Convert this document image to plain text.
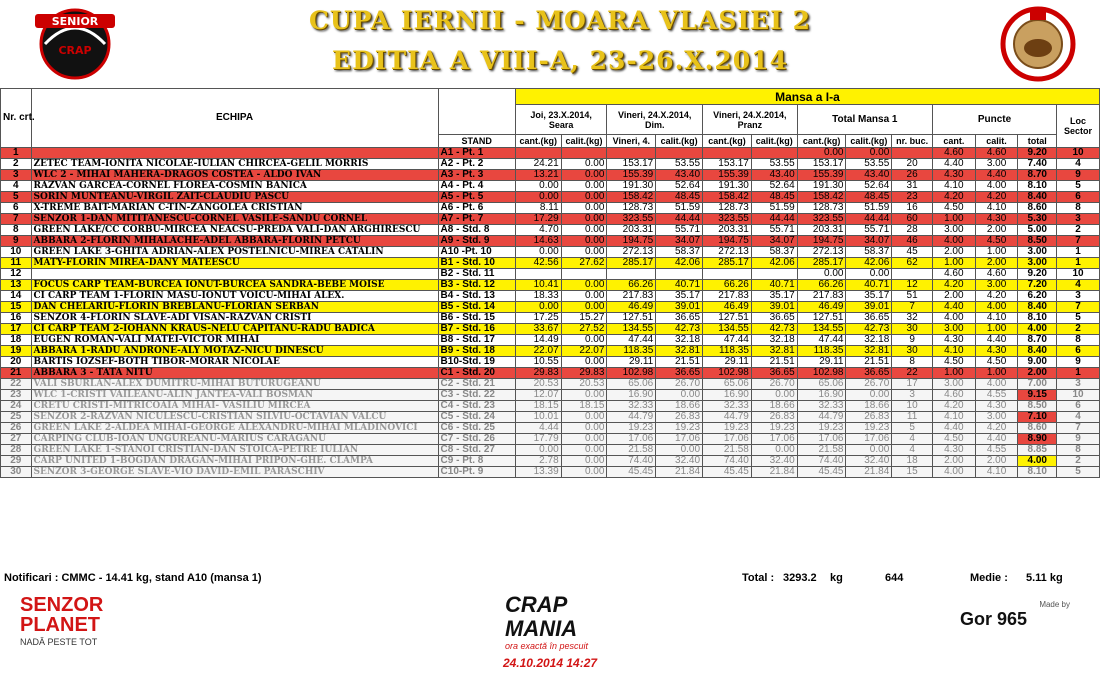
SENIOR
CRAP
CUPA IERNII - MOARA VLASIEI 2
EDITIA A VIII-A, 23-26.X.2014
Nr. crt.	ECHIPA		Mansa a I-a												
			Joi, 23.X.2014, Seara		Vineri, 24.X.2014, Dim.		Vineri, 24.X.2014, Pranz		Total Mansa 1			Puncte			Loc Sector
		STAND	cant.(kg)	calit.(kg)	Vineri, 4.	calit.(kg)	cant.(kg)	calit.(kg)	cant.(kg)	calit.(kg)	nr. buc.	cant.	calit.	total	
1		A1 - Pt. 1							0.00	0.00		4.60	4.60	9.20	10
2	ZETEC TEAM-IONITA NICOLAE-IULIAN CHIRCEA-GELIL MORRIS	A2 - Pt. 2	24.21	0.00	153.17	53.55	153.17	53.55	153.17	53.55	20	4.40	3.00	7.40	4
3	WLC 2 - MIHAI MAHERA-DRAGOS COSTEA - ALDO IVAN	A3 - Pt. 3	13.21	0.00	155.39	43.40	155.39	43.40	155.39	43.40	26	4.30	4.40	8.70	9
4	RAZVAN GARCEA-CORNEL FLOREA-COSMIN BANICA	A4 - Pt. 4	0.00	0.00	191.30	52.64	191.30	52.64	191.30	52.64	31	4.10	4.00	8.10	5
5	SORIN MUNTEANU-VIRGIL ZAIT-CLAUDIU PASCU	A5 - Pt. 5	0.00	0.00	158.42	48.45	158.42	48.45	158.42	48.45	23	4.20	4.20	8.40	6
6	X-TREME BAIT-MARIAN C-TIN-ZANGOLEA CRISTIAN	A6 - Pt. 6	8.11	0.00	128.73	51.59	128.73	51.59	128.73	51.59	16	4.50	4.10	8.60	8
7	SENZOR 1-DAN MITITANESCU-CORNEL VASILE-SANDU CORNEL	A7 - Pt. 7	17.29	0.00	323.55	44.44	323.55	44.44	323.55	44.44	60	1.00	4.30	5.30	3
8	GREEN LAKE/CC CORBU-MIRCEA NEACSU-PREDA VALI-DAN ARGHIRESCU	A8 - Std. 8	4.70	0.00	203.31	55.71	203.31	55.71	203.31	55.71	28	3.00	2.00	5.00	2
9	ABBARA 2-FLORIN MIHALACHE-ADEL ABBARA-FLORIN PETCU	A9 - Std. 9	14.63	0.00	194.75	34.07	194.75	34.07	194.75	34.07	46	4.00	4.50	8.50	7
10	GREEN LAKE 3-GHITA ADRIAN-ALEX POSTELNICU-MIREA CATALIN	A10 -Pt. 10	0.00	0.00	272.13	58.37	272.13	58.37	272.13	58.37	45	2.00	1.00	3.00	1
11	MATY-FLORIN MIREA-DANY MATEESCU	B1 - Std. 10	42.56	27.62	285.17	42.06	285.17	42.06	285.17	42.06	62	1.00	2.00	3.00	1
12		B2 - Std. 11							0.00	0.00		4.60	4.60	9.20	10
13	FOCUS CARP TEAM-BURCEA IONUT-BURCEA SANDRA-BEBE MOISE	B3 - Std. 12	10.41	0.00	66.26	40.71	66.26	40.71	66.26	40.71	12	4.20	3.00	7.20	4
14	CI CARP TEAM 1-FLORIN MASU-IONUT VOICU-MIHAI ALEX.	B4 - Std. 13	18.33	0.00	217.83	35.17	217.83	35.17	217.83	35.17	51	2.00	4.20	6.20	3
15	DAN CHELARIU-FLORIN BREBLANU-FLORIAN SERBAN	B5 - Std. 14	0.00	0.00	46.49	39.01	46.49	39.01	46.49	39.01	7	4.40	4.00	8.40	7
16	SENZOR 4-FLORIN SLAVE-ADI VISAN-RAZVAN CRISTI	B6 - Std. 15	17.25	15.27	127.51	36.65	127.51	36.65	127.51	36.65	32	4.00	4.10	8.10	5
17	CI CARP TEAM 2-IOHANN KRAUS-NELU CAPITANU-RADU BADICA	B7 - Std. 16	33.67	27.52	134.55	42.73	134.55	42.73	134.55	42.73	30	3.00	1.00	4.00	2
18	EUGEN ROMAN-VALI MATEI-VICTOR MIHAI	B8 - Std. 17	14.49	0.00	47.44	32.18	47.44	32.18	47.44	32.18	9	4.30	4.40	8.70	8
19	ABBARA 1-RADU ANDRONE-ALY MOTAZ-NICU DINESCU	B9 - Std. 18	22.07	22.07	118.35	32.81	118.35	32.81	118.35	32.81	30	4.10	4.30	8.40	6
20	BARTIS IOZSEF-BOTH TIBOR-MORAR NICOLAE	B10-Std. 19	10.55	0.00	29.11	21.51	29.11	21.51	29.11	21.51	8	4.50	4.50	9.00	9
21	ABBARA 3 - TATA NITU	C1 - Std. 20	29.83	29.83	102.98	36.65	102.98	36.65	102.98	36.65	22	1.00	1.00	2.00	1
22	VALI SBURLAN-ALEX DUMITRU-MIHAI BUTURUGEANU	C2 - Std. 21	20.53	20.53	65.06	26.70	65.06	26.70	65.06	26.70	17	3.00	4.00	7.00	3
23	WLC 1-CRISTI VAILEANU-ALIN JANTEA-VALI BOSMAN	C3 - Std. 22	12.07	0.00	16.90	0.00	16.90	0.00	16.90	0.00	3	4.60	4.55	9.15	10
24	CRETU CRISTI-MITRICOAIA MIHAI- VASILIU MIRCEA	C4 - Std. 23	18.15	18.15	32.33	18.66	32.33	18.66	32.33	18.66	10	4.20	4.30	8.50	6
25	SENZOR 2-RAZVAN NICULESCU-CRISTIAN SILVIU-OCTAVIAN VALCU	C5 - Std. 24	10.01	0.00	44.79	26.83	44.79	26.83	44.79	26.83	11	4.10	3.00	7.10	4
26	GREEN LAKE 2-ALDEA MIHAI-GEORGE ALEXANDRU-MIHAI MLADINOVICI	C6 - Std. 25	4.44	0.00	19.23	19.23	19.23	19.23	19.23	19.23	5	4.40	4.20	8.60	7
27	CARPING CLUB-IOAN UNGUREANU-MARIUS CARAGANU	C7 - Std. 26	17.79	0.00	17.06	17.06	17.06	17.06	17.06	17.06	4	4.50	4.40	8.90	9
28	GREEN LAKE 1-STANOI CRISTIAN-DAN STOICA-PETRE IULIAN	C8 - Std. 27	0.00	0.00	21.58	0.00	21.58	0.00	21.58	0.00	4	4.30	4.55	8.85	8
29	CARP UNITED 1-BOGDAN DRAGAN-MIHAI PRIPON-GHE. CLAMPA	C9 - Pt. 8	2.78	0.00	74.40	32.40	74.40	32.40	74.40	32.40	18	2.00	2.00	4.00	2
30	SENZOR 3-GEORGE SLAVE-VIO DAVID-EMIL PARASCHIV	C10-Pt. 9	13.39	0.00	45.45	21.84	45.45	21.84	45.45	21.84	15	4.00	4.10	8.10	5
Notificari : CMMC - 14.41 kg, stand A10 (mansa 1)	Total : 3293.2 kg	644	Medie : 5.11 kg
SENZOR PLANET
NADĂ PESTE TOT
CRAP MANIA
ora exactă în pescuit
Made by
Gor 965
24.10.2014 14:27
